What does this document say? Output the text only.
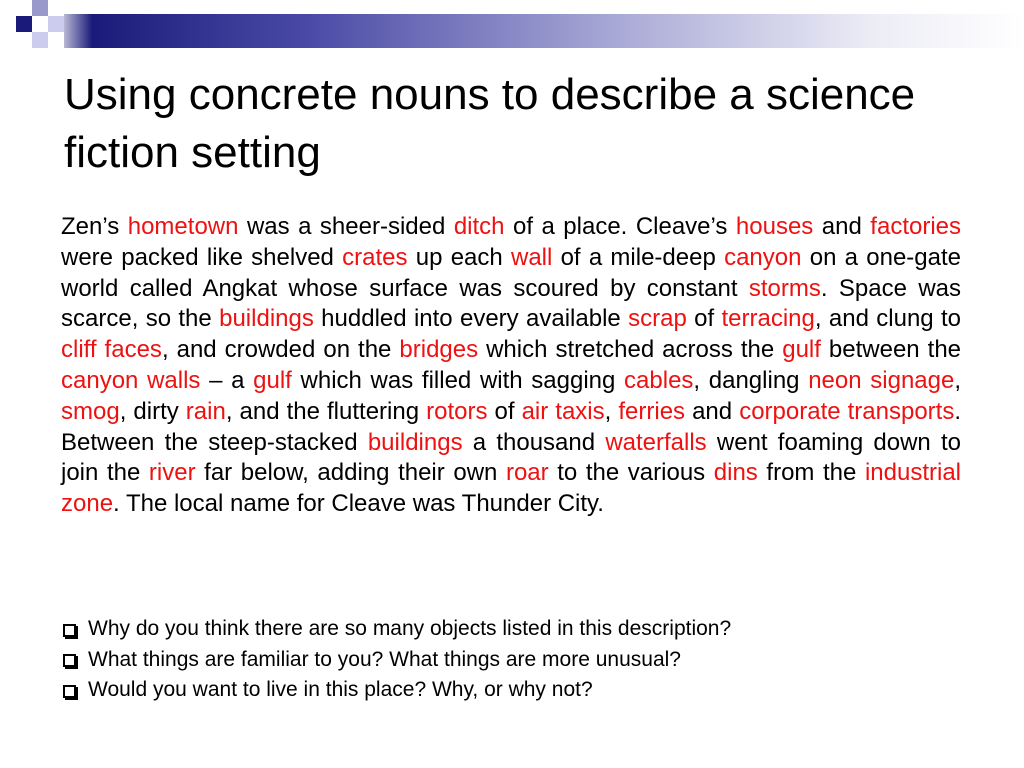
Using concrete nouns to describe a science fiction setting

Zen’s hometown was a sheer-sided ditch of a place. Cleave’s houses and factories were packed like shelved crates up each wall of a mile-deep canyon on a one-gate world called Angkat whose surface was scoured by constant storms. Space was scarce, so the buildings huddled into every available scrap of terracing, and clung to cliff faces, and crowded on the bridges which stretched across the gulf between the canyon walls – a gulf which was filled with sagging cables, dangling neon signage, smog, dirty rain, and the fluttering rotors of air taxis, ferries and corporate transports. Between the steep-stacked buildings a thousand waterfalls went foaming down to join the river far below, adding their own roar to the various dins from the industrial zone. The local name for Cleave was Thunder City.

Why do you think there are so many objects listed in this description?
What things are familiar to you? What things are more unusual?
Would you want to live in this place? Why, or why not?
